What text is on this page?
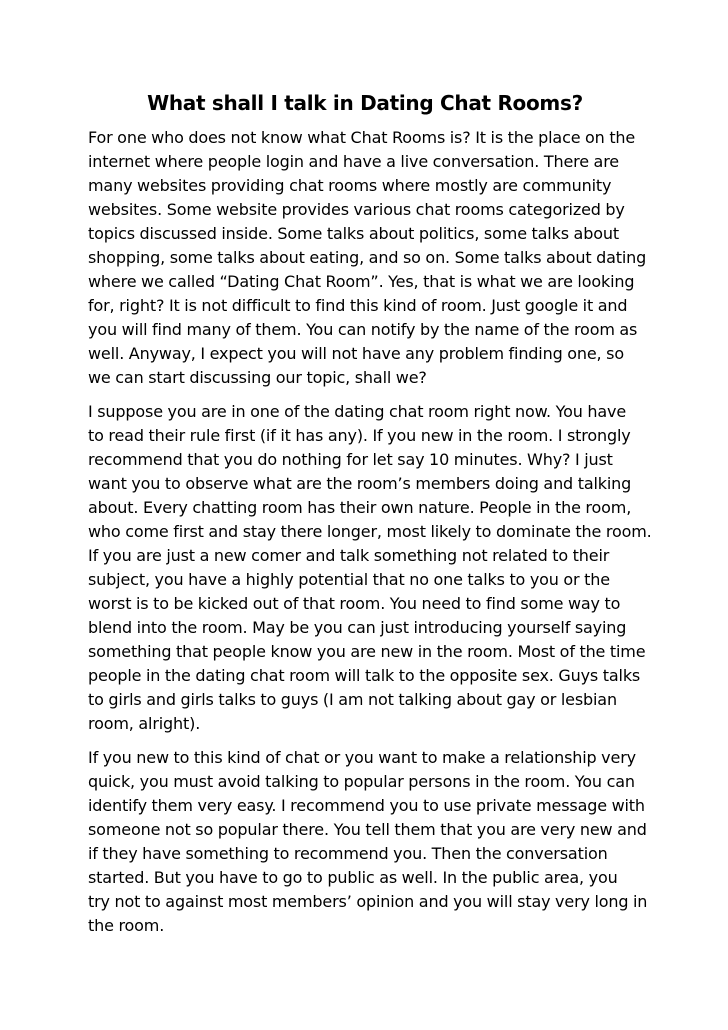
What shall I talk in Dating Chat Rooms?

For one who does not know what Chat Rooms is? It is the place on the
internet where people login and have a live conversation. There are
many websites providing chat rooms where mostly are community
websites. Some website provides various chat rooms categorized by
topics discussed inside. Some talks about politics, some talks about
shopping, some talks about eating, and so on. Some talks about dating
where we called “Dating Chat Room”. Yes, that is what we are looking
for, right? It is not difficult to find this kind of room. Just google it and
you will find many of them. You can notify by the name of the room as
well. Anyway, I expect you will not have any problem finding one, so
we can start discussing our topic, shall we?

I suppose you are in one of the dating chat room right now. You have
to read their rule first (if it has any). If you new in the room. I strongly
recommend that you do nothing for let say 10 minutes. Why? I just
want you to observe what are the room’s members doing and talking
about. Every chatting room has their own nature. People in the room,
who come first and stay there longer, most likely to dominate the room.
If you are just a new comer and talk something not related to their
subject, you have a highly potential that no one talks to you or the
worst is to be kicked out of that room. You need to find some way to
blend into the room. May be you can just introducing yourself saying
something that people know you are new in the room. Most of the time
people in the dating chat room will talk to the opposite sex. Guys talks
to girls and girls talks to guys (I am not talking about gay or lesbian
room, alright).

If you new to this kind of chat or you want to make a relationship very
quick, you must avoid talking to popular persons in the room. You can
identify them very easy. I recommend you to use private message with
someone not so popular there. You tell them that you are very new and
if they have something to recommend you. Then the conversation
started. But you have to go to public as well. In the public area, you
try not to against most members’ opinion and you will stay very long in
the room.
